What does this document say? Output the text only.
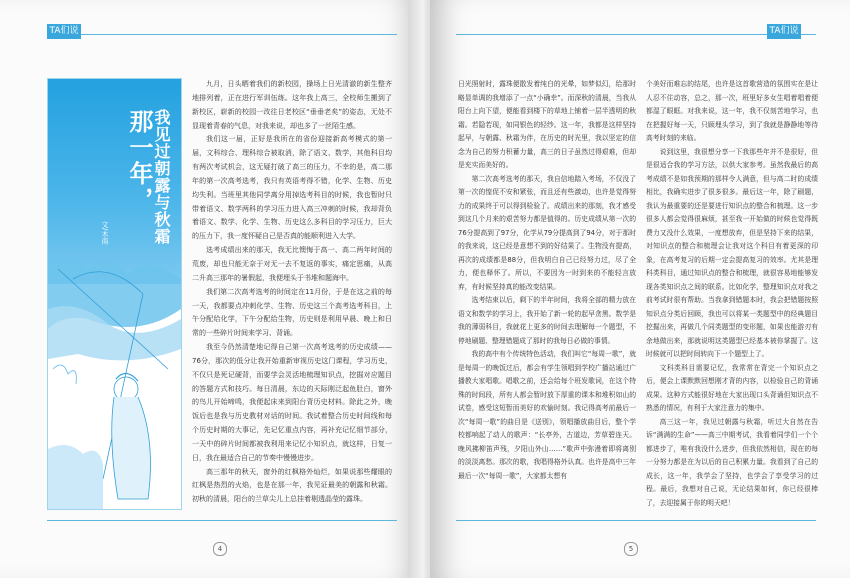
TA们说
我见过朝露与秋霜
那一年，
文/木南

九月，日头晒着我们的新校园，操场上日光清澈的新生整齐地排列着，正在进行军训伍练。这年我上高三，全校师生搬到了新校区，崭新的校园一改往日老校区“垂垂老矣”的姿态，无处不显现着青春的气息，对我来说，却也多了一丝陌生感。

我们这一届，正好是我所在的省份迎接新高考模式的第一届，文科综合、理科综合被取消，除了语文、数学，其他科目均有两次考试机会，这无疑打破了高三的压力，不幸的是，高二那年的第一次高考选考，我只有英语考得不错，化学、生物、历史均失利。当班里其他同学离分用掉选考科目的时候，我也暂时只带着语文、数学两科的学习压力进入高三冲刺的时候，我却背负着语文、数学、化学、生物、历史这么多科目的学习压力，巨大的压力下，我一度怀疑自己是否真的能顺利进入大学。

选考成绩出来的那天，我无比懊悔于高一、高二两年时间的荒废，却也只能无奈于对无一去不复返的事实，痛定思痛，从高二升高三那年的暑假起，我便埋头于书堆和题海中。

我们第二次高考选考的时间定在11月份，于是在这之前的每一天，我都要点冲刺化学、生物、历史这三个高考选考科目，上午分配给化学，下午分配给生物，历史则是利用早晨、晚上和日常的一些碎片时间来学习、背诵。

我至今仍然清楚地记得自己第一次高考选考的历史成绩——76分，那次的低分让我开始重新审视历史这门课程，学习历史，不仅只是死记硬背，而要学会灵活地梳理知识点，挖掘对应题目的答题方式和技巧。每日清晨，东边的天际刚泛起鱼肚白，窗外的鸟儿开始啼鸣，我便起床来到阳台背历史材料。除此之外，晚饭后也是我与历史教材对话的时间。我试着整合历史时间线和每个历史时期的大事记，先记忆重点内容，再补充记忆细节部分，一天中的碎片时间都被我利用来记忆小知识点，就这样，日复一日，我在最适合自己的节奏中慢慢进步。

高三那年的秋天，窗外的红枫格外灿烂，如果说那些耀眼的红枫是热烈的火焰，也是在那一年，我见证最美的朝露和秋霜。初秋的清晨，阳台的兰草尖儿上总挂着剔透晶莹的露珠。

4
TA们说

日光照射时，露珠便散发着纯白的光晕，如梦似幻，给那时略显单调的我增添了一点“小确幸”。而深秋的清晨，当我从阳台上向下望，便能看到楼下的草地上铺着一层半透明的秋霜。若隐若现，如同银色的轻纱。这一年，我都是这样坚持起早，与朝露、秋霜为伴，在历史的时光里，我以坚定的信念为自己的努力积蓄力量，高三的日子虽然过得艰难，但却是充实而美好的。

第二次高考选考的那天，我自信地踏入考场，不仅没了第一次的惶促不安和紧张，而且还有些激动，也许是觉得努力的成果终于可以得到检验了。成绩出来的那刻，我才感受到这几个月来的艰苦努力都是值得的。历史成绩从第一次的76分提高到了97分，化学从79分提高到了94分，对于那时的我来说，这已经是意想不到的好结果了。生物没有提高，再次的成绩都是88分，但我明白自己已经努力过，尽了全力，便也释怀了。所以，不要因为一时到来的不能轻言放弃，有时候坚持真的能改变结果。

选考结束以后，剩下的半年时间，我将全部的精力放在语文和数学的学习上，我开始了新一轮的起早贪黑。数学是我的薄弱科目，我就花上更多的时间去理解每一个题型，不停地刷题、整理错题成了那时的我每日必做的事情。

我的高中有个传统特色活动，我们叫它“每周一歌”，就是每周一的晚饭过后，都会有学生领唱到学校广播站通过广播教大家唱歌。唱歌之前，还会给每个班发歌词，在这个特殊的时间段，所有人都会暂时放下厚重的课本和堆积如山的试卷，感受这短暂而美好的欢愉时刻。我记得高考前最后一次“每周一歌”的曲目是《送别》，领唱播放曲目后，整个学校都响起了动人的歌声：“长亭外，古道边，芳草碧连天。晚风拂柳笛声残，夕阳山外山……”歌声中弥漫着即将离别的淡淡离愁。那次的歌，我唱得格外认真。也许是高中三年最后一次“每周一歌”，大家都太想有

个美好而难忘的结尾，也许是这首歌营造的氛围实在是让人忍不住动容，总之，那一次，班里好多女生唱着唱着便都湿了眼眶。对我来说，这一年，我不仅刻苦地学习，也在把握好每一天，只顾埋头学习，到了我就是静静地等待高考时刻的来临。

说到这里，我很想分享一下我那些年并不是很好，但是很适合我的学习方法，以供大家参考。虽然我最后的高考成绩不是如我预期的那样令人满意，但与高二时的成绩相比，我确实进步了很多很多。最后这一年，除了刷题，我认为最重要的还是要进行知识点的整合和梳理。这一步很多人都会觉得很麻烦，甚至我一开始做的时候也觉得既费力又没什么效果，一度想放弃，但是坚持下来的结果，对知识点的整合和梳理会让我对这个科目有着更深的印象，在高考复习的后期一定会提高复习的效率。尤其是理科类科目，通过知识点的整合和梳理，就很容易地能够发现各类知识点之间的联系。比如化学，整理知识点对我之前考试时很有帮助。当我拿到错题本时，我会把错题按照知识点分类后回顾，我也可以将某一类题型中的经典题目挖掘出来，再做几个同类题型的变形题，如果也能游刃有余地做出来，那就说明这类题型已经基本被你掌握了。这时候就可以把时间转向下一个题型上了。

文科类科目需要记忆，我常常在背完一个知识点之后，便会上课默默回想刚才背的内容，以检验自己的背诵成果。这种方式能很好地在大家出现口头背诵但知识点不熟悉的情况，有利于大家注意力的集中。

高三这一年，我见过朝露与秋霜，听过大自然在告诉“满满的生命”——高三中期考试，我看着同学们一个个都进步了，唯有我没什么进步，但我依然相信，现在的每一分努力都是在为以后的自己积累力量。我看到了自己的成长，这一年，我学会了坚持，也学会了享受学习的过程。最后，我想对自己说，无论结果如何，你已经很棒了，去迎接属于你的明天吧！

5
